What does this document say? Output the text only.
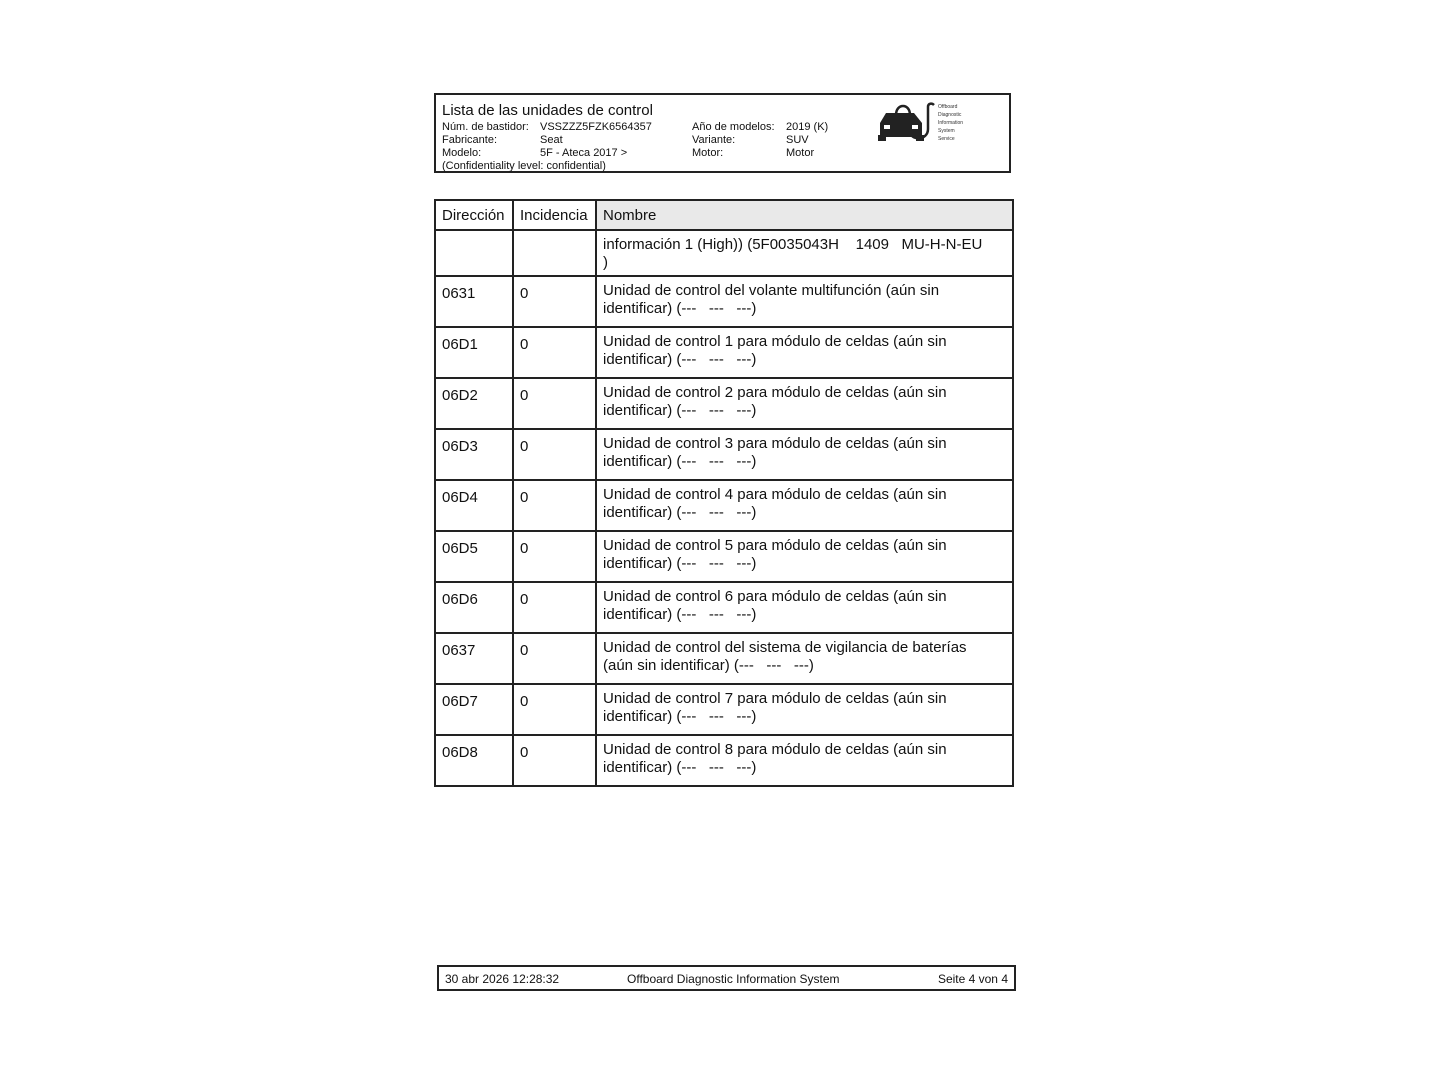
Lista de las unidades de control
Núm. de bastidor: VSSZZZ5FZK6564357	Año de modelos: 2019 (K)
Fabricante:	Seat	Variante:	SUV
Modelo:	5F - Ateca 2017 >	Motor:	Motor
(Confidentiality level: confidential)
Offboard
Diagnostic
Information
System
Service
Dirección	Incidencia	Nombre

		información 1 (High)) (5F0035043H    1409   MU-H-N-EU
)

0631	0	Unidad de control del volante multifunción (aún sin
identificar) (---   ---   ---)

06D1	0	Unidad de control 1 para módulo de celdas (aún sin
identificar) (---   ---   ---)

06D2	0	Unidad de control 2 para módulo de celdas (aún sin
identificar) (---   ---   ---)

06D3	0	Unidad de control 3 para módulo de celdas (aún sin
identificar) (---   ---   ---)

06D4	0	Unidad de control 4 para módulo de celdas (aún sin
identificar) (---   ---   ---)

06D5	0	Unidad de control 5 para módulo de celdas (aún sin
identificar) (---   ---   ---)

06D6	0	Unidad de control 6 para módulo de celdas (aún sin
identificar) (---   ---   ---)

0637	0	Unidad de control del sistema de vigilancia de baterías
(aún sin identificar) (---   ---   ---)

06D7	0	Unidad de control 7 para módulo de celdas (aún sin
identificar) (---   ---   ---)

06D8	0	Unidad de control 8 para módulo de celdas (aún sin
identificar) (---   ---   ---)
30 abr 2026 12:28:32	Offboard Diagnostic Information System	Seite 4 von 4
